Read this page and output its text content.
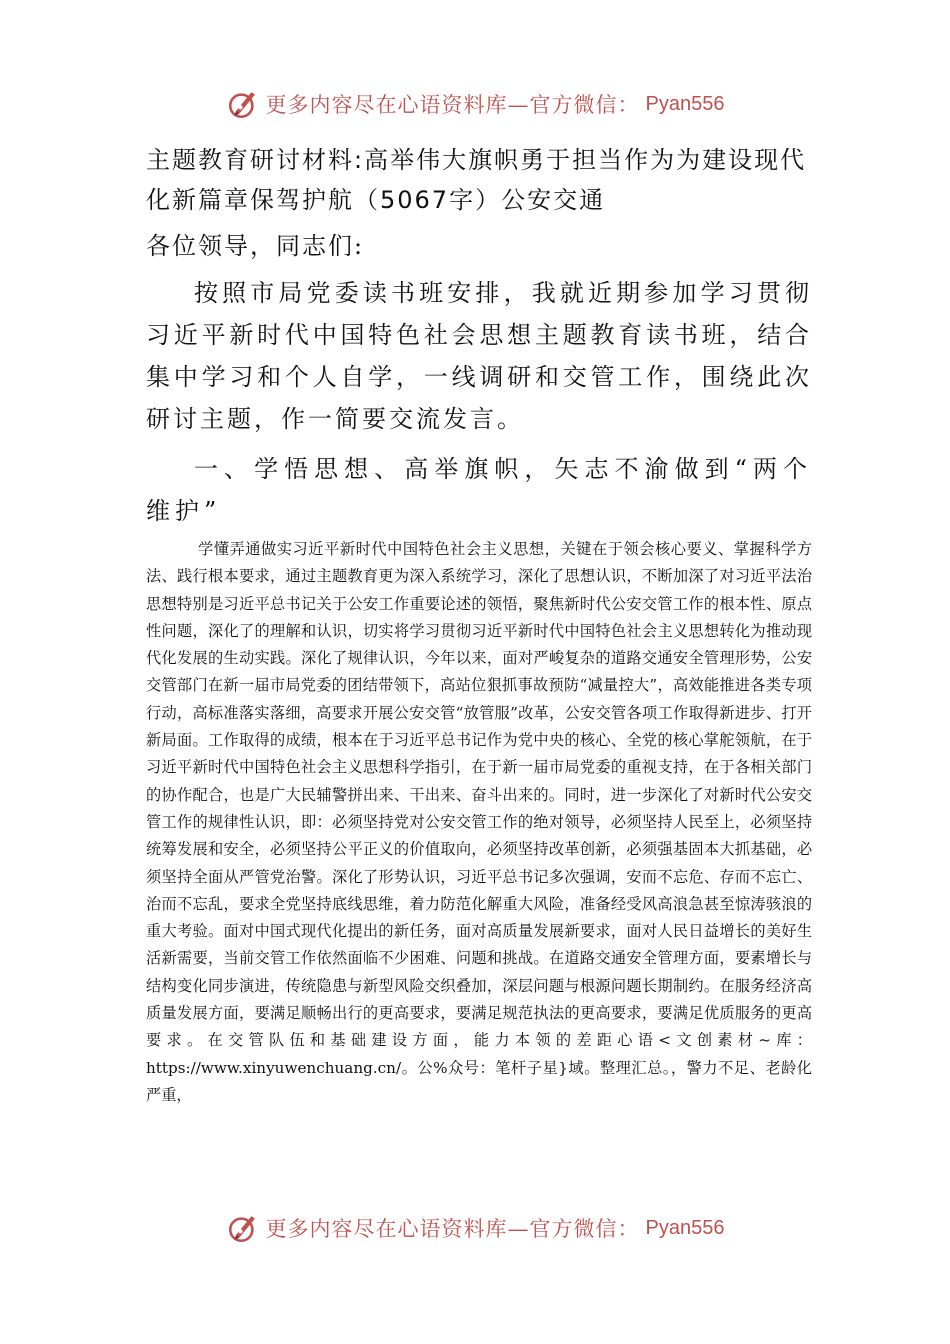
更多内容尽在心语资料库—官方微信： Pyan556

主题教育研讨材料:高举伟大旗帜勇于担当作为为建设现代化新篇章保驾护航（5067字）公安交通

各位领导，同志们:

按照市局党委读书班安排，我就近期参加学习贯彻习近平新时代中国特色社会思想主题教育读书班，结合集中学习和个人自学，一线调研和交管工作，围绕此次研讨主题，作一简要交流发言。

一、学悟思想、高举旗帜，矢志不渝做到“两个维护”

学懂弄通做实习近平新时代中国特色社会主义思想，关键在于领会核心要义、掌握科学方法、践行根本要求，通过主题教育更为深入系统学习，深化了思想认识，不断加深了对习近平法治思想特别是习近平总书记关于公安工作重要论述的领悟，聚焦新时代公安交管工作的根本性、原点性问题，深化了的理解和认识，切实将学习贯彻习近平新时代中国特色社会主义思想转化为推动现代化发展的生动实践。深化了规律认识，今年以来，面对严峻复杂的道路交通安全管理形势，公安交管部门在新一届市局党委的团结带领下，高站位狠抓事故预防“减量控大”，高效能推进各类专项行动，高标准落实落细，高要求开展公安交管“放管服”改革，公安交管各项工作取得新进步、打开新局面。工作取得的成绩，根本在于习近平总书记作为党中央的核心、全党的核心掌舵领航，在于习近平新时代中国特色社会主义思想科学指引，在于新一届市局党委的重视支持，在于各相关部门的协作配合，也是广大民辅警拼出来、干出来、奋斗出来的。同时，进一步深化了对新时代公安交管工作的规律性认识，即：必须坚持党对公安交管工作的绝对领导，必须坚持人民至上，必须坚持统筹发展和安全，必须坚持公平正义的价值取向，必须坚持改革创新，必须强基固本大抓基础，必须坚持全面从严管党治警。深化了形势认识，习近平总书记多次强调，安而不忘危、存而不忘亡、治而不忘乱，要求全党坚持底线思维，着力防范化解重大风险，准备经受风高浪急甚至惊涛骇浪的重大考验。面对中国式现代化提出的新任务，面对高质量发展新要求，面对人民日益增长的美好生活新需要，当前交管工作依然面临不少困难、问题和挑战。在道路交通安全管理方面，要素增长与结构变化同步演进，传统隐患与新型风险交织叠加，深层问题与根源问题长期制约。在服务经济高质量发展方面，要满足顺畅出行的更高要求，要满足规范执法的更高要求，要满足优质服务的更高要求。在交管队伍和基础建设方面，能力本领的差距心语<文创素材~库：https://www.xinyuwenchuang.cn/。公%众号：笔杆子星}域。整理汇总。，警力不足、老龄化严重，

更多内容尽在心语资料库—官方微信： Pyan556
